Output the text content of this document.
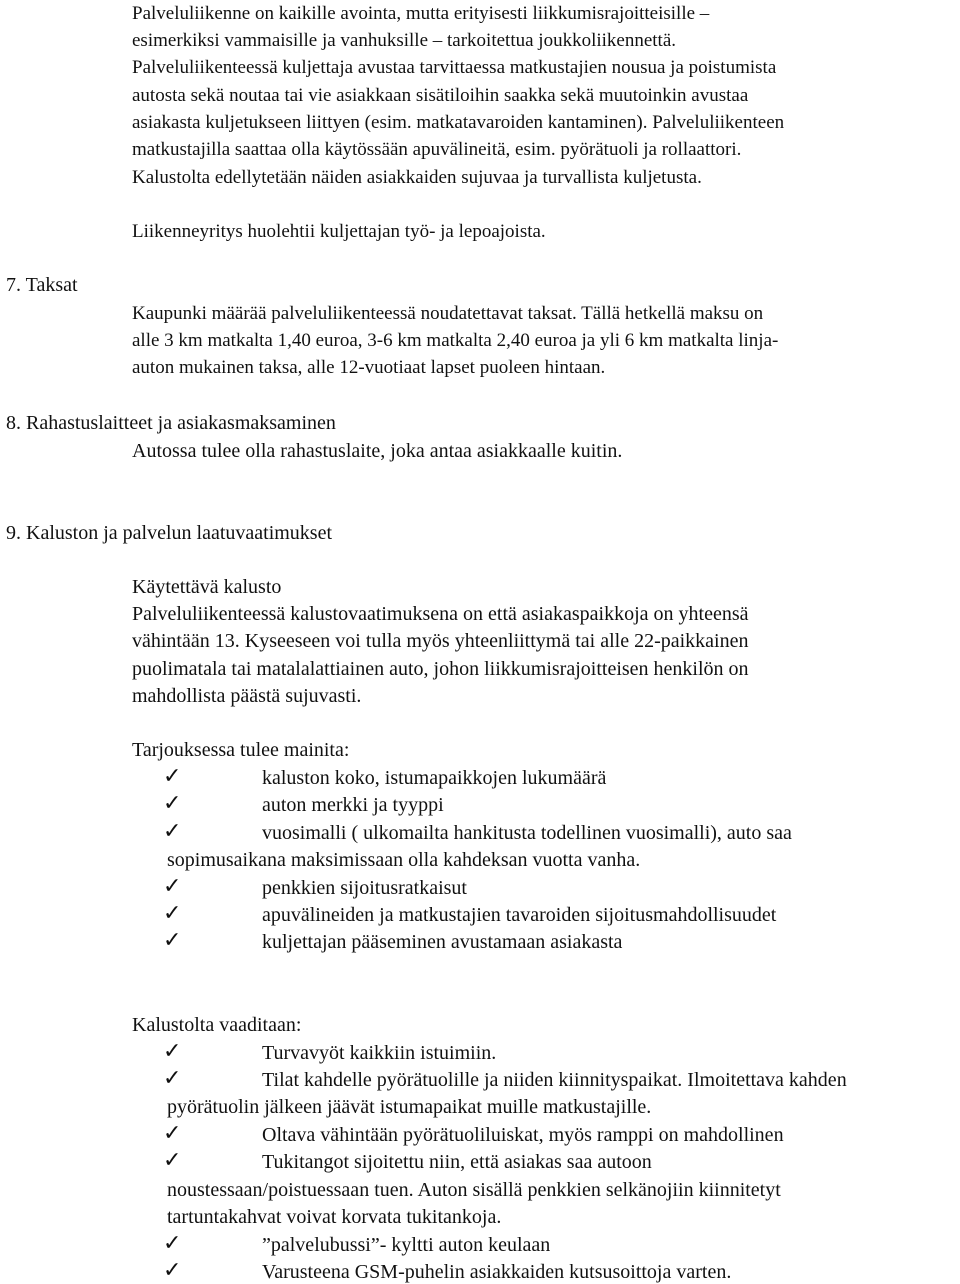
Palveluliikenne on kaikille avointa, mutta erityisesti liikkumisrajoitteisille –
esimerkiksi vammaisille ja vanhuksille – tarkoitettua joukkoliikennettä.
Palveluliikenteessä kuljettaja avustaa tarvittaessa matkustajien nousua ja poistumista
autosta sekä noutaa tai vie asiakkaan sisätiloihin saakka sekä muutoinkin avustaa
asiakasta kuljetukseen liittyen (esim. matkatavaroiden kantaminen). Palveluliikenteen
matkustajilla saattaa olla käytössään apuvälineitä, esim. pyörätuoli ja rollaattori.
Kalustolta edellytetään näiden asiakkaiden sujuvaa ja turvallista kuljetusta.
Liikenneyritys huolehtii kuljettajan työ- ja lepoajoista.
7. Taksat
Kaupunki määrää palveluliikenteessä noudatettavat taksat. Tällä hetkellä maksu on
alle 3 km matkalta 1,40 euroa, 3-6 km matkalta 2,40 euroa ja yli 6 km matkalta linja-
auton mukainen taksa, alle 12-vuotiaat lapset puoleen hintaan.
8. Rahastuslaitteet ja asiakasmaksaminen
Autossa tulee olla rahastuslaite, joka antaa asiakkaalle kuitin.
9. Kaluston ja palvelun laatuvaatimukset
Käytettävä kalusto
Palveluliikenteessä kalustovaatimuksena on että asiakaspaikkoja on yhteensä
vähintään 13. Kyseeseen voi tulla myös yhteenliittymä tai alle 22-paikkainen
puolimatala tai matalalattiainen auto, johon liikkumisrajoitteisen henkilön on
mahdollista päästä sujuvasti.
Tarjouksessa tulee mainita:
✓	kaluston koko, istumapaikkojen lukumäärä
✓	auton merkki ja tyyppi
✓	vuosimalli ( ulkomailta hankitusta todellinen vuosimalli), auto saa
sopimusaikana maksimissaan olla kahdeksan vuotta vanha.
✓	penkkien sijoitusratkaisut
✓	apuvälineiden ja matkustajien tavaroiden sijoitusmahdollisuudet
✓	kuljettajan pääseminen avustamaan asiakasta
Kalustolta vaaditaan:
✓	Turvavyöt kaikkiin istuimiin.
✓	Tilat kahdelle pyörätuolille ja niiden kiinnityspaikat. Ilmoitettava kahden
pyörätuolin jälkeen jäävät istumapaikat muille matkustajille.
✓	Oltava vähintään pyörätuoliluiskat, myös ramppi on mahdollinen
✓	Tukitangot sijoitettu niin, että asiakas saa autoon
noustessaan/poistuessaan tuen. Auton sisällä penkkien selkänojiin kiinnitetyt
tartuntakahvat voivat korvata tukitankoja.
✓	”palvelubussi”- kyltti auton keulaan
✓	Varusteena GSM-puhelin asiakkaiden kutsusoittoja varten.
